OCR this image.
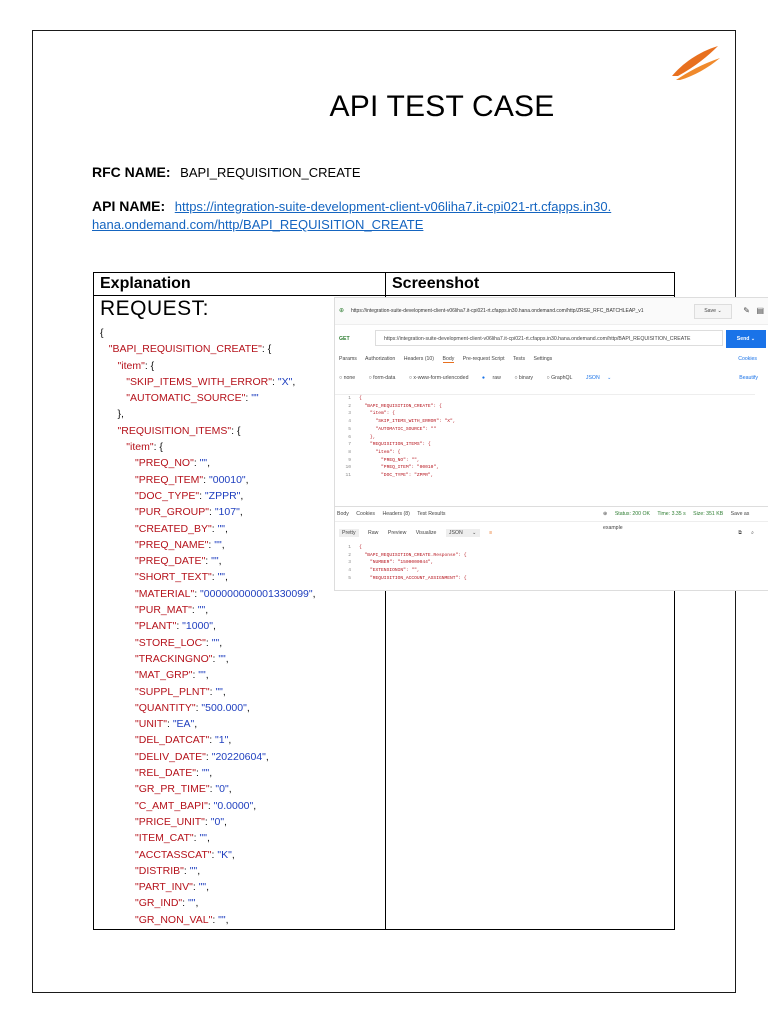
API TEST CASE
RFC NAME: BAPI_REQUISITION_CREATE
API NAME: https://integration-suite-development-client-v06liha7.it-cpi021-rt.cfapps.in30.hana.ondemand.com/http/BAPI_REQUISITION_CREATE
Explanation	Screenshot
REQUEST:
{
"BAPI_REQUISITION_CREATE": {
"item": {
"SKIP_ITEMS_WITH_ERROR": "X",
"AUTOMATIC_SOURCE": ""
},
"REQUISITION_ITEMS": {
"item": {
"PREQ_NO": "",
"PREQ_ITEM": "00010",
"DOC_TYPE": "ZPPR",
"PUR_GROUP": "107",
"CREATED_BY": "",
"PREQ_NAME": "",
"PREQ_DATE": "",
"SHORT_TEXT": "",
"MATERIAL": "000000000001330099",
"PUR_MAT": "",
"PLANT": "1000",
"STORE_LOC": "",
"TRACKINGNO": "",
"MAT_GRP": "",
"SUPPL_PLNT": "",
"QUANTITY": "500.000",
"UNIT": "EA",
"DEL_DATCAT": "1",
"DELIV_DATE": "20220604",
"REL_DATE": "",
"GR_PR_TIME": "0",
"C_AMT_BAPI": "0.0000",
"PRICE_UNIT": "0",
"ITEM_CAT": "",
"ACCTASSCAT": "K",
"DISTRIB": "",
"PART_INV": "",
"GR_IND": "",
"GR_NON_VAL": "",
⊕ https://integration-suite-development-client-v06liha7.it-cpi021-rt.cfapps.in30.hana.ondemand.com/http/ZRSE_RFC_BATCHLEAP_v1	Save ⌄	✎ ▤
GET	https://integration-suite-development-client-v06liha7.it-cpi021-rt.cfapps.in30.hana.ondemand.com/http/BAPI_REQUISITION_CREATE	Send ⌄
Params Authorization Headers (10) Body Pre-request Script Tests Settings	Cookies
○ none	○ form-data	○ x-www-form-urlencoded	● raw	○ binary	○ GraphQL	JSON ⌄	Beautify

1
2
3
4
5
6
7
8
9
10
11

{
"BAPI_REQUISITION_CREATE": {
"item": {
"SKIP_ITEMS_WITH_ERROR": "X",
"AUTOMATIC_SOURCE": ""
},
"REQUISITION_ITEMS": {
"item": {
"PREQ_NO": "",
"PREQ_ITEM": "00010",
"DOC_TYPE": "ZPPR",

Body Cookies Headers (8) Test Results	⊕ Status: 200 OK Time: 3.35 s Size: 351 KB Save as example
Pretty Raw Preview Visualize JSON ⌄ ≡	⧉ ⌕

1
2
3
4
5

{
"BAPI_REQUISITION_CREATE.Response": {
"NUMBER": "1500000044",
"EXTENSIONIN": "",
"REQUISITION_ACCOUNT_ASSIGNMENT": {
